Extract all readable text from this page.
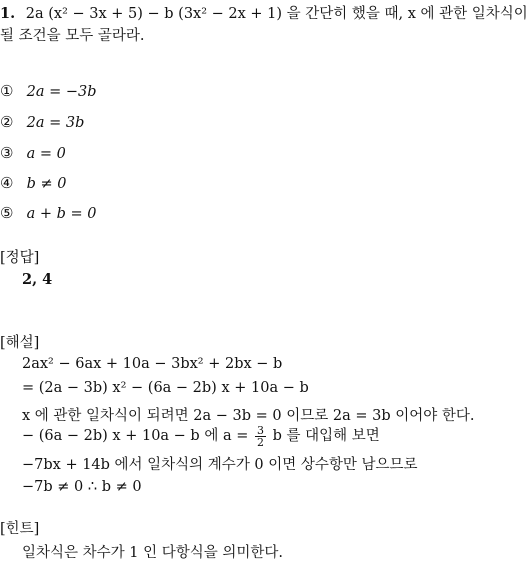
1. 2a (x² − 3x + 5) − b (3x² − 2x + 1) 을 간단히 했을 때, x 에 관한 일차식이
될 조건을 모두 골라라.
① 2a = −3b
② 2a = 3b
③ a = 0
④ b ≠ 0
⑤ a + b = 0
[정답]
2, 4
[해설]
2ax² − 6ax + 10a − 3bx² + 2bx − b
= (2a − 3b) x² − (6a − 2b) x + 10a − b
x 에 관한 일차식이 되려면 2a − 3b = 0 이므로 2a = 3b 이어야 한다.
− (6a − 2b) x + 10a − b 에 $a = \frac{3}{2}$ b 를 대입해 보면
−7bx + 14b 에서 일차식의 계수가 0 이면 상수항만 남으므로
−7b ≠ 0 ∴ b ≠ 0
[힌트]
일차식은 차수가 1 인 다항식을 의미한다.
